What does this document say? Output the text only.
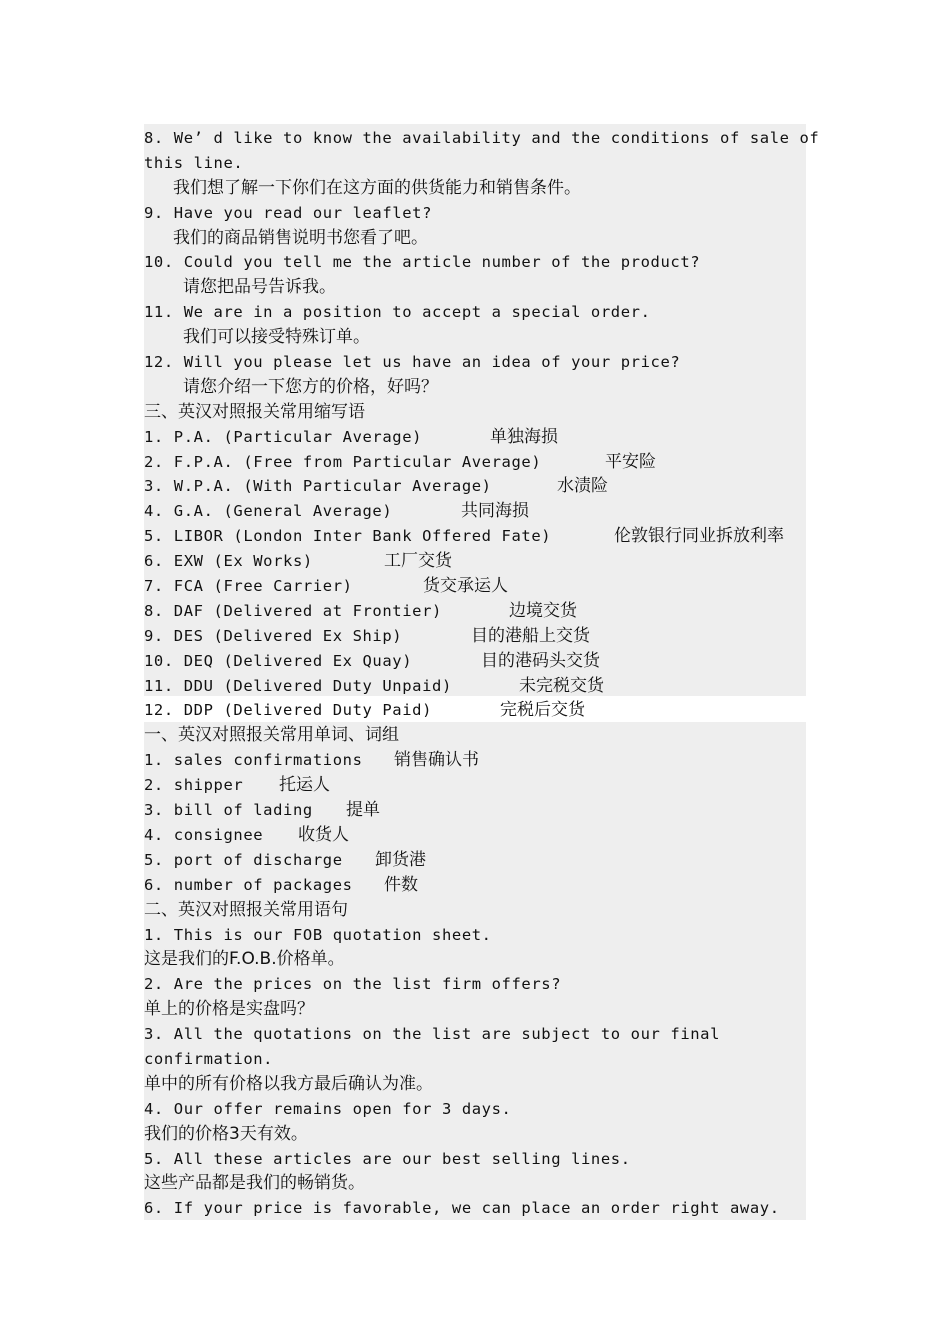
8. We’ d like to know the availability and the conditions of sale of
this line.
我们想了解一下你们在这方面的供货能力和销售条件。
9. Have you read our leaflet?
我们的商品销售说明书您看了吧。
10. Could you tell me the article number of the product?
请您把品号告诉我。
11. We are in a position to accept a special order.
我们可以接受特殊订单。
12. Will you please let us have an idea of your price?
请您介绍一下您方的价格，好吗？
三、英汉对照报关常用缩写语
1. P.A. (Particular Average)	单独海损
2. F.P.A. (Free from Particular Average)	平安险
3. W.P.A. (With Particular Average)	水渍险
4. G.A. (General Average)	共同海损
5. LIBOR (London Inter Bank Offered Fate)	伦敦银行同业拆放利率
6. EXW (Ex Works)	工厂交货
7. FCA (Free Carrier)	货交承运人
8. DAF (Delivered at Frontier)	边境交货
9. DES (Delivered Ex Ship)	目的港船上交货
10. DEQ (Delivered Ex Quay)	目的港码头交货
11. DDU (Delivered Duty Unpaid)	未完税交货
12. DDP (Delivered Duty Paid)	完税后交货
一、英汉对照报关常用单词、词组
1. sales confirmations	销售确认书
2. shipper	托运人
3. bill of lading	提单
4. consignee	收货人
5. port of discharge	卸货港
6. number of packages	件数
二、英汉对照报关常用语句
1. This is our FOB quotation sheet.
这是我们的F.O.B.价格单。
2. Are the prices on the list firm offers?
单上的价格是实盘吗？
3. All the quotations on the list are subject to our final
confirmation.
单中的所有价格以我方最后确认为准。
4. Our offer remains open for 3 days.
我们的价格3天有效。
5. All these articles are our best selling lines.
这些产品都是我们的畅销货。
6. If your price is favorable, we can place an order right away.
